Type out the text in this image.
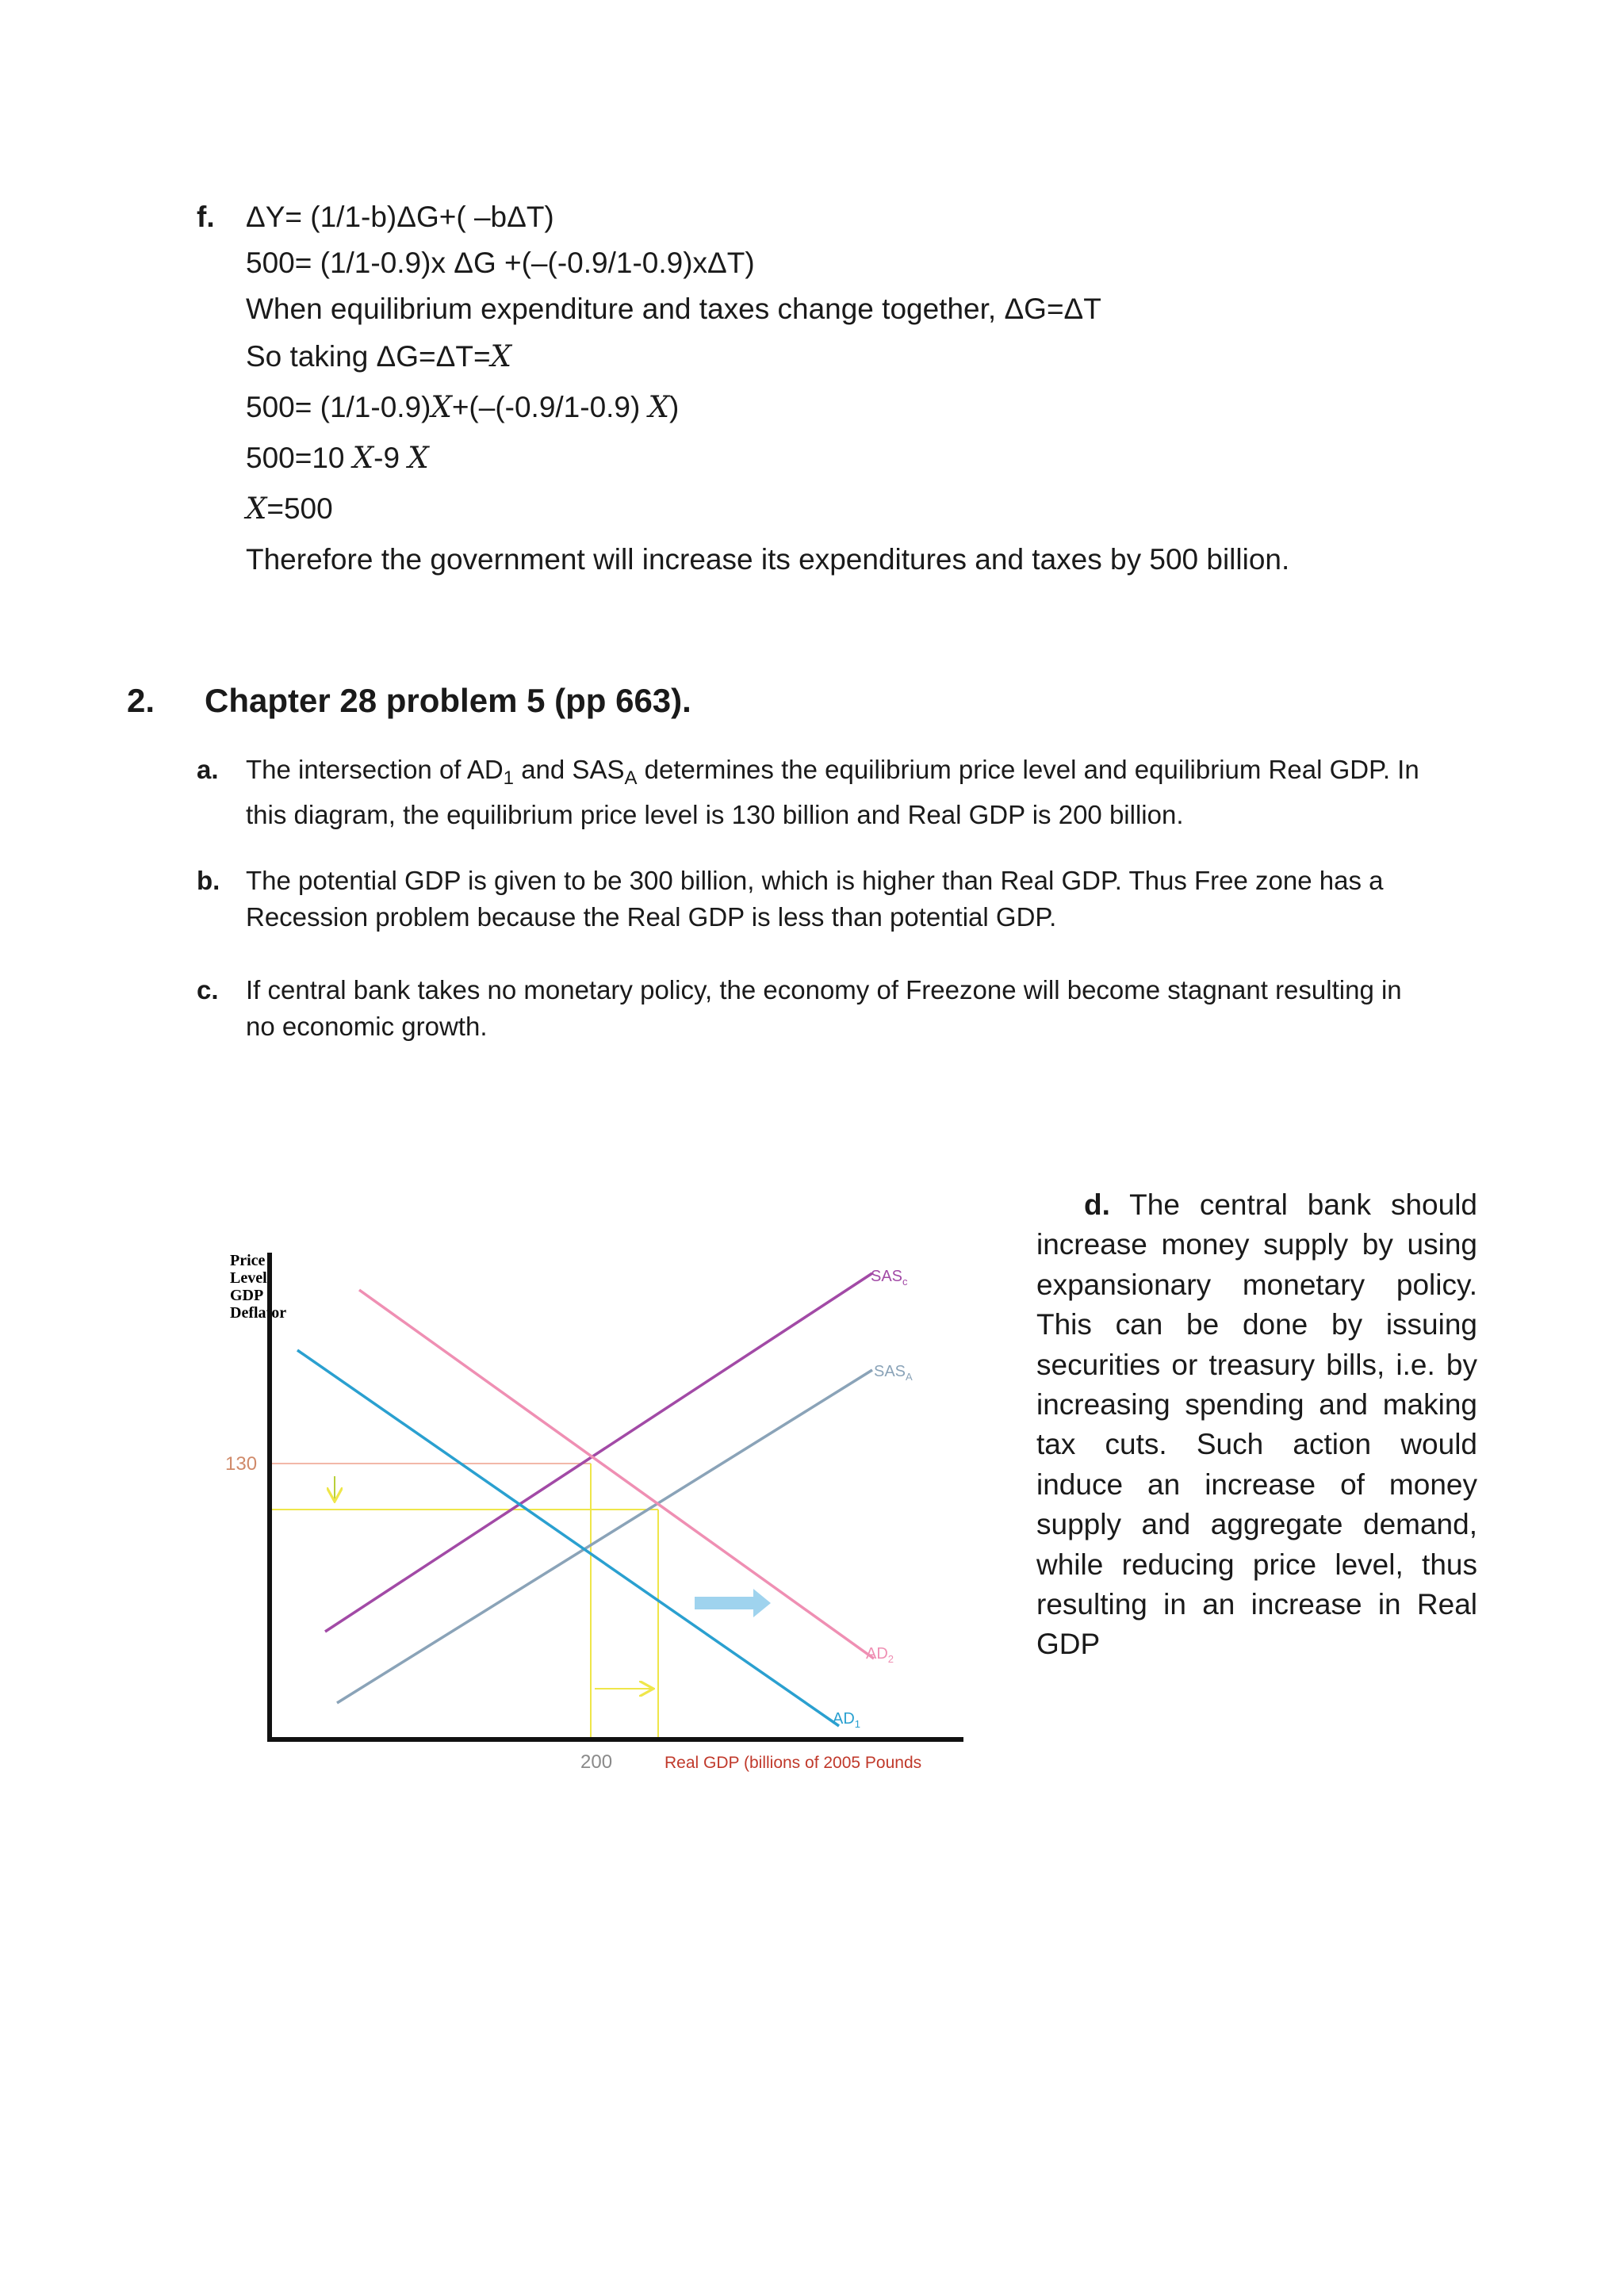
f. ΔY= (1/1-b)ΔG+( –bΔT)
500= (1/1-0.9)x ΔG +(–(-0.9/1-0.9)xΔT)
When equilibrium expenditure and taxes change together, ΔG=ΔT
So taking ΔG=ΔT=X
500= (1/1-0.9)X+(–(-0.9/1-0.9) X)
500=10 X-9 X
X=500
Therefore the government will increase its expenditures and taxes by 500 billion.
2. Chapter 28 problem 5 (pp 663).
a. The intersection of $AD_1$ and $SAS_A$ determines the equilibrium price level and equilibrium Real GDP. In
this diagram, the equilibrium price level is 130 billion and Real GDP is 200 billion.
b. The potential GDP is given to be 300 billion, which is higher than Real GDP. Thus Free zone has a
Recession problem because the Real GDP is less than potential GDP.
c. If central bank takes no monetary policy, the economy of Freezone will become stagnant resulting in
no economic growth.
d. The central bank should increase money supply by using expansionary monetary policy. This can be done by issuing securities or treasury bills, i.e. by increasing spending and making tax cuts. Such action would induce an increase of money supply and aggregate demand, while reducing price level, thus resulting in an increase in Real GDP
Price
Level
GDP
Deflator
$SAS_c$
$SAS_A$
$AD_2$
$AD_1$
130
200	Real GDP (billions of 2005 Pounds
